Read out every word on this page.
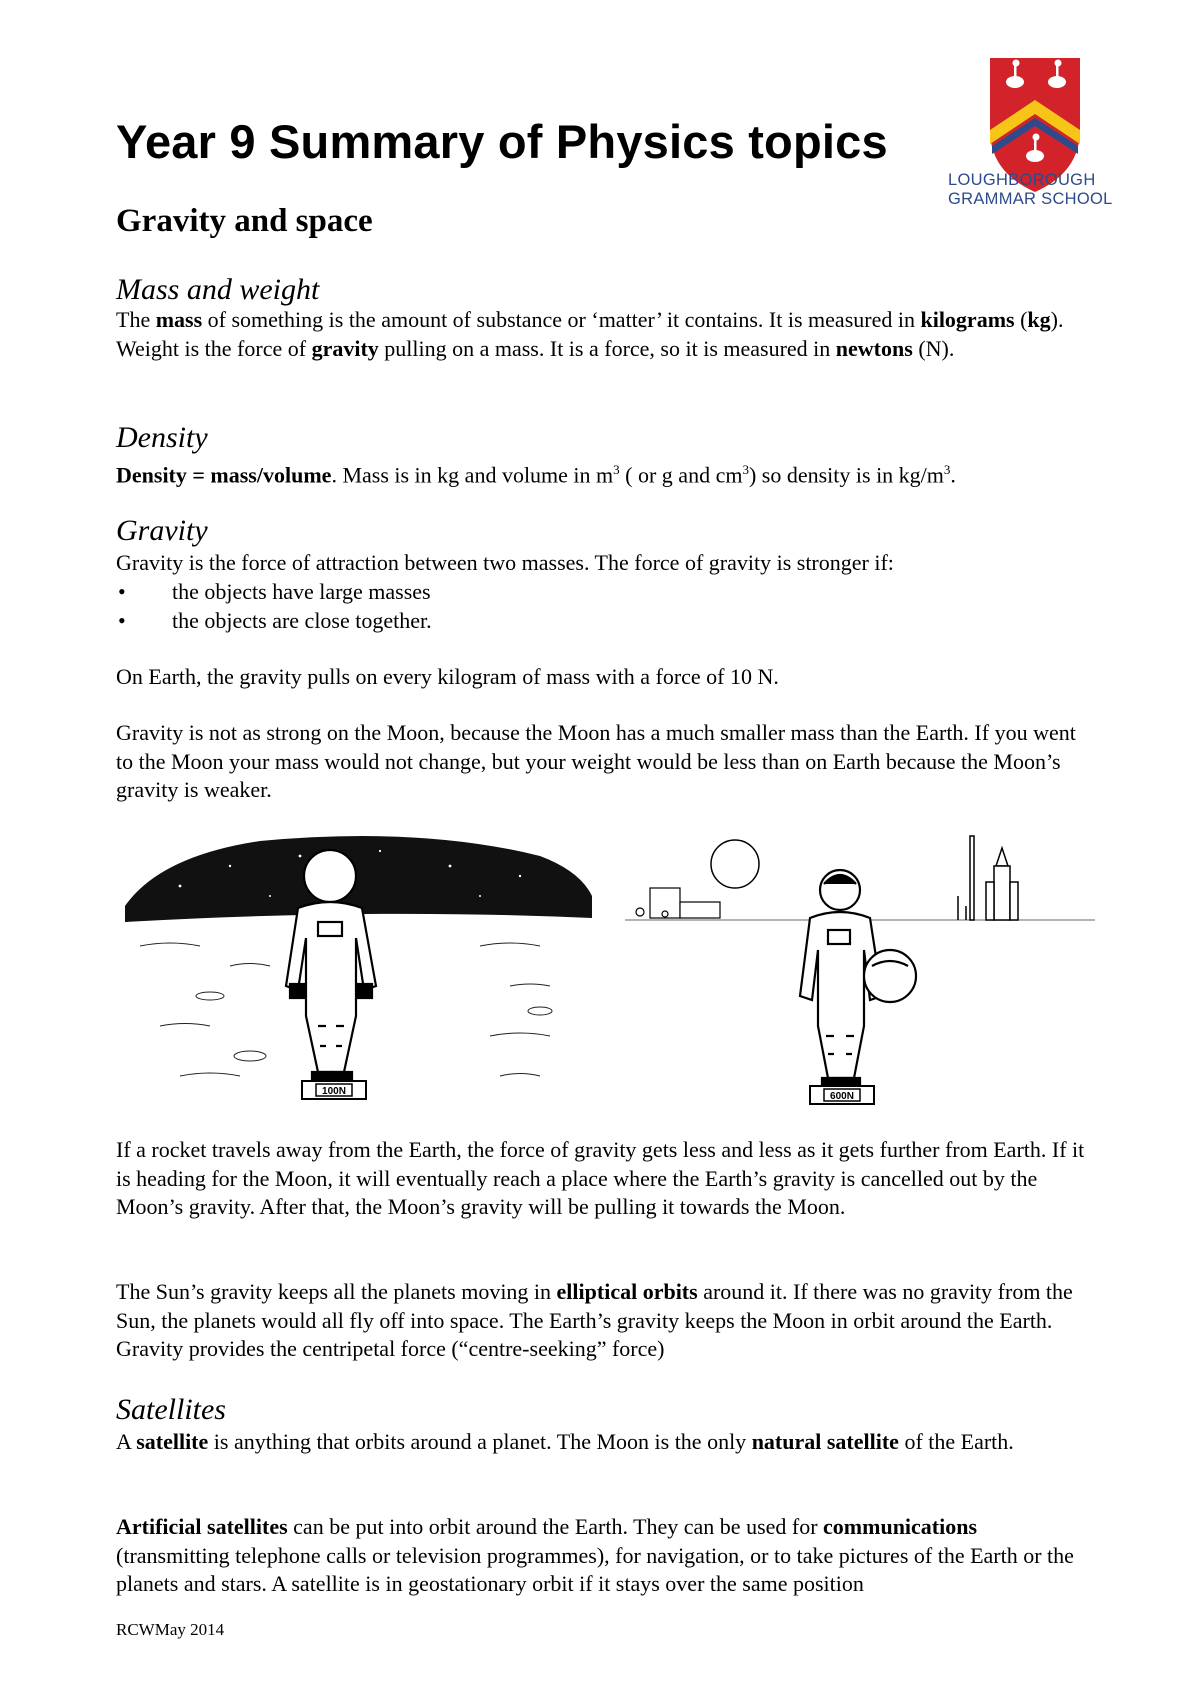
Year 9 Summary of Physics topics
LOUGHBOROUGH
GRAMMAR SCHOOL
Gravity and space
Mass and weight

The mass of something is the amount of substance or ‘matter’ it contains. It is measured in kilograms (kg). Weight is the force of gravity pulling on a mass. It is a force, so it is measured in newtons (N).

Density

Density = mass/volume. Mass is in kg and volume in $m^3$ ( or g and $cm^3$) so density is in $kg/m^3$.

Gravity

Gravity is the force of attraction between two masses. The force of gravity is stronger if:

• the objects have large masses
• the objects are close together.

On Earth, the gravity pulls on every kilogram of mass with a force of 10 N.

Gravity is not as strong on the Moon, because the Moon has a much smaller mass than the Earth. If you went to the Moon your mass would not change, but your weight would be less than on Earth because the Moon’s gravity is weaker.

100N	600N

If a rocket travels away from the Earth, the force of gravity gets less and less as it gets further from Earth. If it is heading for the Moon, it will eventually reach a place where the Earth’s gravity is cancelled out by the Moon’s gravity. After that, the Moon’s gravity will be pulling it towards the Moon.

The Sun’s gravity keeps all the planets moving in elliptical orbits around it. If there was no gravity from the Sun, the planets would all fly off into space. The Earth’s gravity keeps the Moon in orbit around the Earth. Gravity provides the centripetal force (“centre-seeking” force)

Satellites

A satellite is anything that orbits around a planet. The Moon is the only natural satellite of the Earth.

Artificial satellites can be put into orbit around the Earth. They can be used for communications (transmitting telephone calls or television programmes), for navigation, or to take pictures of the Earth or the planets and stars. A satellite is in geostationary orbit if it stays over the same position

RCWMay 2014
